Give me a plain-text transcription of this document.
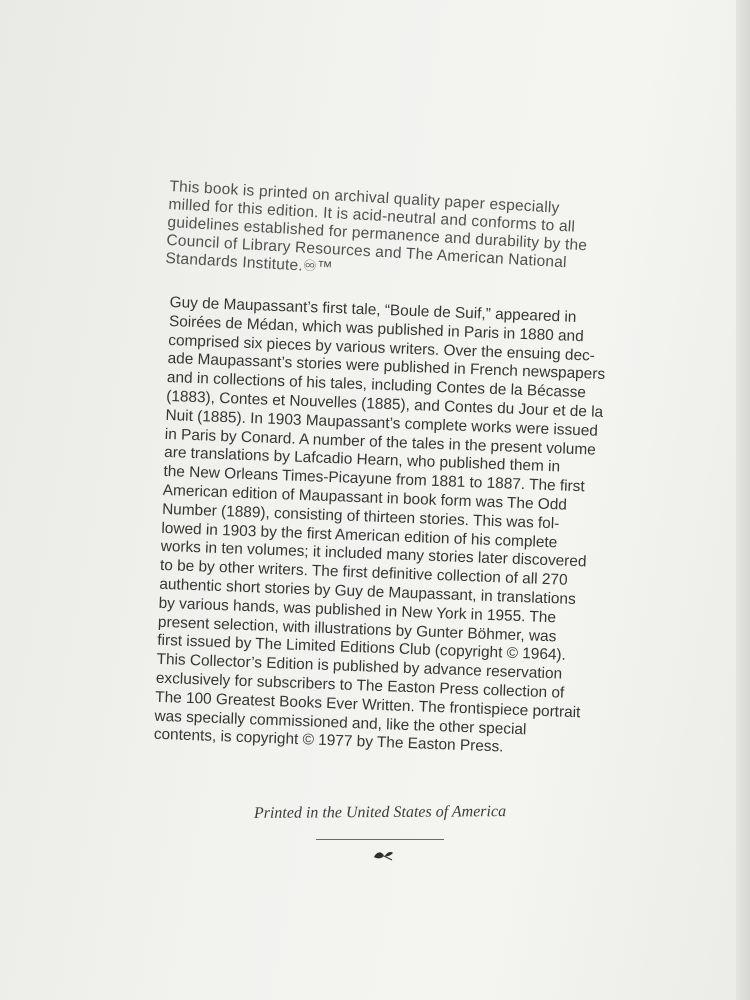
This book is printed on archival quality paper especially
milled for this edition. It is acid-neutral and conforms to all
guidelines established for permanence and durability by the
Council of Library Resources and The American National
Standards Institute.♾™

Guy de Maupassant’s first tale, “Boule de Suif,” appeared in
Soirées de Médan, which was published in Paris in 1880 and
comprised six pieces by various writers. Over the ensuing dec-
ade Maupassant’s stories were published in French newspapers
and in collections of his tales, including Contes de la Bécasse
(1883), Contes et Nouvelles (1885), and Contes du Jour et de la
Nuit (1885). In 1903 Maupassant’s complete works were issued
in Paris by Conard. A number of the tales in the present volume
are translations by Lafcadio Hearn, who published them in
the New Orleans Times-Picayune from 1881 to 1887. The first
American edition of Maupassant in book form was The Odd
Number (1889), consisting of thirteen stories. This was fol-
lowed in 1903 by the first American edition of his complete
works in ten volumes; it included many stories later discovered
to be by other writers. The first definitive collection of all 270
authentic short stories by Guy de Maupassant, in translations
by various hands, was published in New York in 1955. The
present selection, with illustrations by Gunter Böhmer, was
first issued by The Limited Editions Club (copyright © 1964).
This Collector’s Edition is published by advance reservation
exclusively for subscribers to The Easton Press collection of
The 100 Greatest Books Ever Written. The frontispiece portrait
was specially commissioned and, like the other special
contents, is copyright © 1977 by The Easton Press.

Printed in the United States of America
